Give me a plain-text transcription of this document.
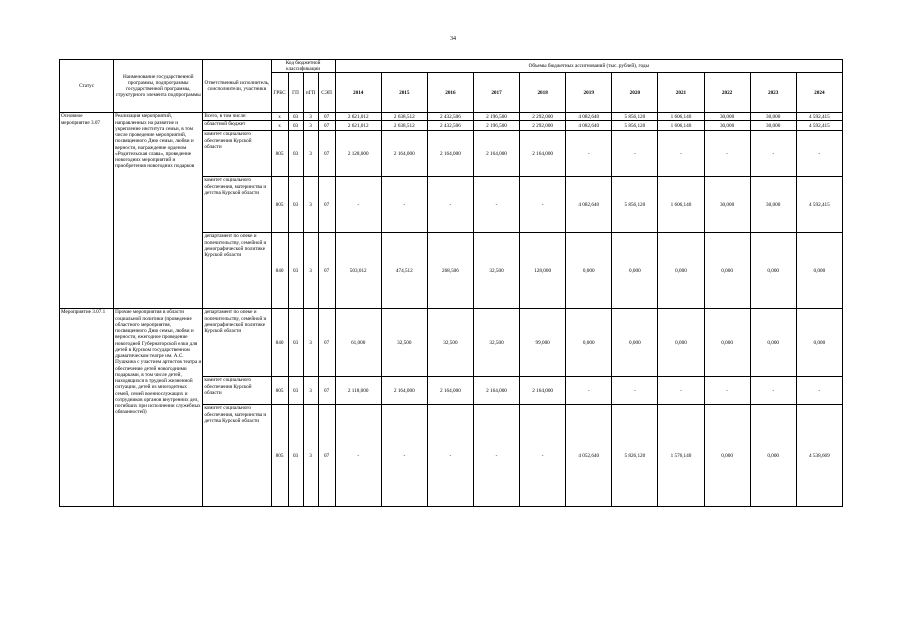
34
Статус	Наименование государственной программы, подпрограммы государственной программы, структурного элемента подпрограммы	Ответственный исполнитель, соисполнители, участники	Код бюджетной классификации				Объемы бюджетных ассигнований (тыс. рублей), годы										
			ГРБС	ГП	пГП	СЭП	2014	2015	2016	2017	2018	2019	2020	2021	2022	2023	2024
Основное мероприятие 3.07	Реализация мероприятий, направленных на развитие и укрепление института семьи, в том числе проведение мероприятий, посвященного Дню семьи, любви и верности, награждение орденом «Родительская слава», проведение новогодних мероприятий и приобретения новогодних подарков	Всего, в том числе:	х	03	3	07	2 621,012	2 638,512	2 432,506	2 196,500	2 292,000	4 082,640	5 856,120	1 606,140	30,000	30,000	4 592,415
		областной бюджет	х	03	3	07	2 621,012	2 638,512	2 432,506	2 196,500	2 292,000	4 082,640	5 856,120	1 606,140	30,000	30,000	4 592,415
		комитет социального обеспечения Курской области	805	03	3	07	2 128,000	2 164,000	2 164,000	2 164,000	2 164,000	-	-	-	-	-	-
		комитет социального обеспечения, материнства и детства Курской области	805	03	3	07	-	-	-	-	-	4 082,640	5 856,120	1 606,140	30,000	30,000	4 592,415
		департамент по опеке и попечительству, семейной и демографической политике Курской области	840	03	3	07	503,012	474,512	268,506	32,500	128,000	0,000	0,000	0,000	0,000	0,000	0,000
Мероприятие 3.07.1	Прочие мероприятия в области социальной политики (проведение областного мероприятия, посвященного Дню семьи, любви и верности, ежегодное проведение новогодней Губернаторской елки для детей в Курском государственном драматическом театре им. А.С. Пушкина с участием артистов театра и обеспечение детей новогодними подарками, в том числе детей, находящихся в трудной жизненной ситуации, детей из многодетных семей, семей военнослужащих и сотрудников органов внутренних дел, погибших при исполнении служебных обязанностей)	департамент по опеке и попечительству, семейной и демографической политике Курской области	840	03	3	07	61,000	32,500	32,500	32,500	99,000	0,000	0,000	0,000	0,000	0,000	0,000
		комитет социального обеспечения Курской области	805	03	3	07	2 118,000	2 164,000	2 164,000	2 164,000	2 164,000	-	-	-	-	-	-
		комитет социального обеспечения, материнства и детства Курской области	805	03	3	07	-	-	-	-	-	4 052,640	5 826,120	1 576,140	0,000	0,000	4 538,669
